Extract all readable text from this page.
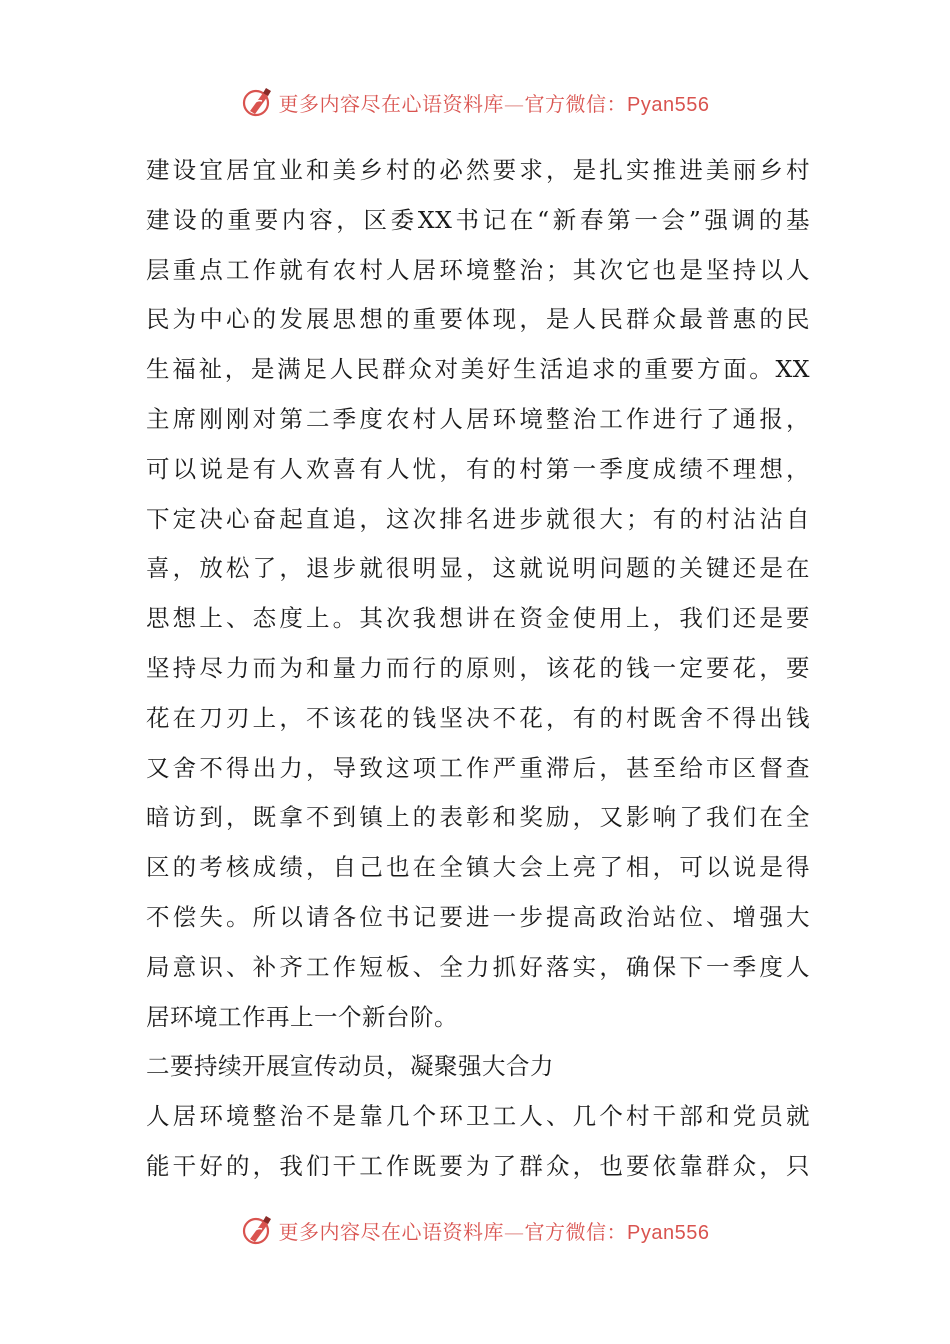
更多内容尽在心语资料库—官方微信：Pyan556
建设宜居宜业和美乡村的必然要求，是扎实推进美丽乡村
建设的重要内容，区委XX书记在“新春第一会”强调的基
层重点工作就有农村人居环境整治；其次它也是坚持以人
民为中心的发展思想的重要体现，是人民群众最普惠的民
生福祉，是满足人民群众对美好生活追求的重要方面。XX
主席刚刚对第二季度农村人居环境整治工作进行了通报，
可以说是有人欢喜有人忧，有的村第一季度成绩不理想，
下定决心奋起直追，这次排名进步就很大；有的村沾沾自
喜，放松了，退步就很明显，这就说明问题的关键还是在
思想上、态度上。其次我想讲在资金使用上，我们还是要
坚持尽力而为和量力而行的原则，该花的钱一定要花，要
花在刀刃上，不该花的钱坚决不花，有的村既舍不得出钱
又舍不得出力，导致这项工作严重滞后，甚至给市区督查
暗访到，既拿不到镇上的表彰和奖励，又影响了我们在全
区的考核成绩，自己也在全镇大会上亮了相，可以说是得
不偿失。所以请各位书记要进一步提高政治站位、增强大
局意识、补齐工作短板、全力抓好落实，确保下一季度人
居环境工作再上一个新台阶。
二要持续开展宣传动员，凝聚强大合力
人居环境整治不是靠几个环卫工人、几个村干部和党员就
能干好的，我们干工作既要为了群众，也要依靠群众，只
更多内容尽在心语资料库—官方微信：Pyan556
